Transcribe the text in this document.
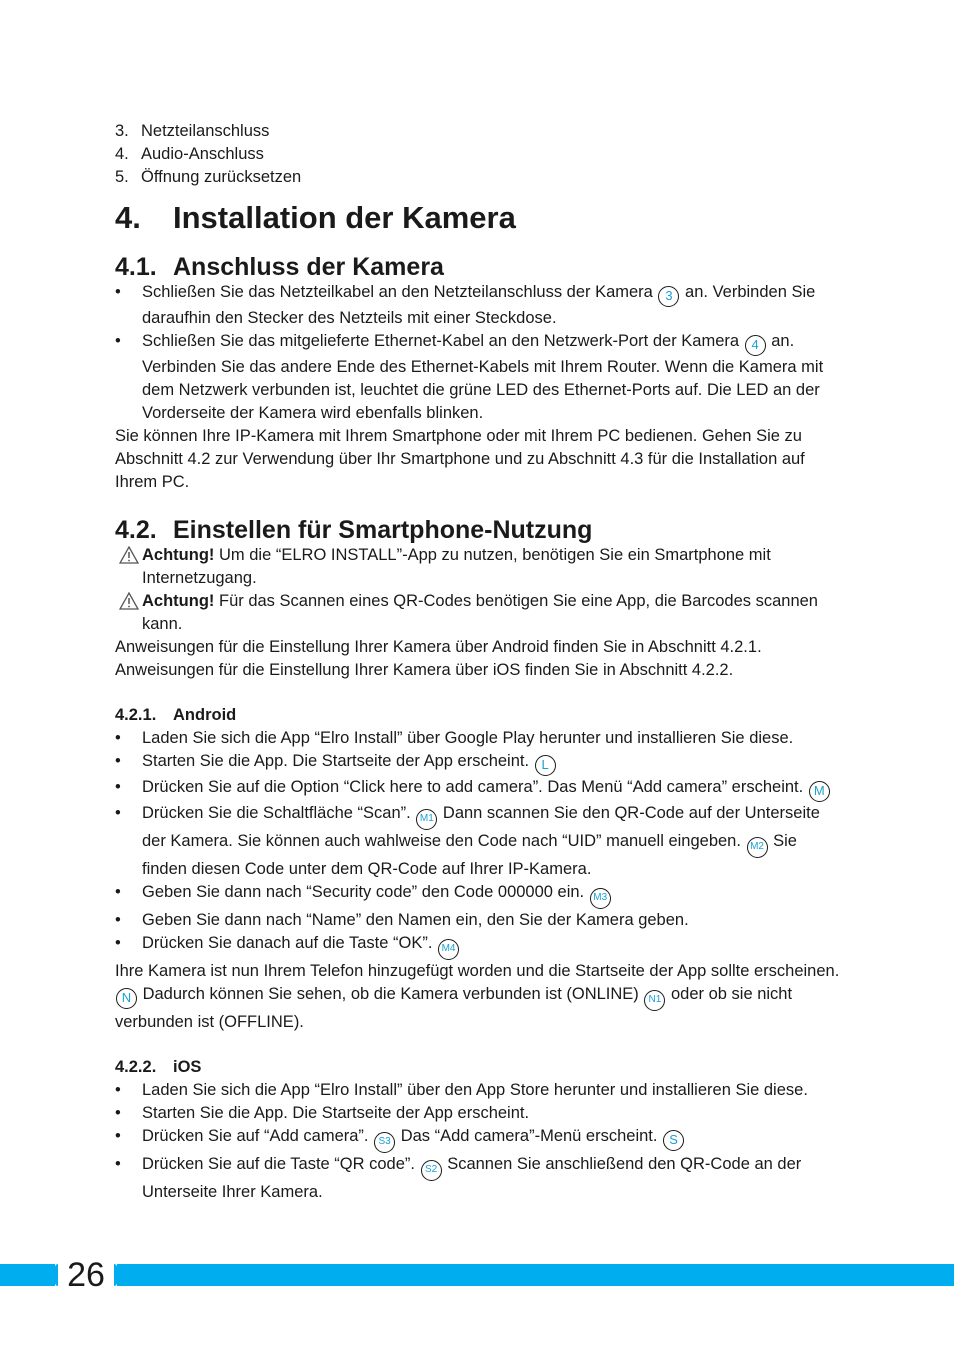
3. Netzteilanschluss
4. Audio-Anschluss
5. Öffnung zurücksetzen
4. Installation der Kamera
4.1. Anschluss der Kamera
• Schließen Sie das Netzteilkabel an den Netzteilanschluss der Kamera 3 an. Verbinden Sie daraufhin den Stecker des Netzteils mit einer Steckdose.
• Schließen Sie das mitgelieferte Ethernet-Kabel an den Netzwerk-Port der Kamera 4 an. Verbinden Sie das andere Ende des Ethernet-Kabels mit Ihrem Router. Wenn die Kamera mit dem Netzwerk verbunden ist, leuchtet die grüne LED des Ethernet-Ports auf. Die LED an der Vorderseite der Kamera wird ebenfalls blinken.
Sie können Ihre IP-Kamera mit Ihrem Smartphone oder mit Ihrem PC bedienen. Gehen Sie zu Abschnitt 4.2 zur Verwendung über Ihr Smartphone und zu Abschnitt 4.3 für die Installation auf Ihrem PC.
4.2. Einstellen für Smartphone-Nutzung
Achtung! Um die “ELRO INSTALL”-App zu nutzen, benötigen Sie ein Smartphone mit Internetzugang.
Achtung! Für das Scannen eines QR-Codes benötigen Sie eine App, die Barcodes scannen kann.
Anweisungen für die Einstellung Ihrer Kamera über Android finden Sie in Abschnitt 4.2.1.
Anweisungen für die Einstellung Ihrer Kamera über iOS finden Sie in Abschnitt 4.2.2.
4.2.1. Android
• Laden Sie sich die App “Elro Install” über Google Play herunter und installieren Sie diese.
• Starten Sie die App. Die Startseite der App erscheint. L
• Drücken Sie auf die Option “Click here to add camera”. Das Menü “Add camera” erscheint. M
• Drücken Sie die Schaltfläche “Scan”. M1 Dann scannen Sie den QR-Code auf der Unterseite der Kamera. Sie können auch wahlweise den Code nach “UID” manuell eingeben. M2 Sie finden diesen Code unter dem QR-Code auf Ihrer IP-Kamera.
• Geben Sie dann nach “Security code” den Code 000000 ein. M3
• Geben Sie dann nach “Name” den Namen ein, den Sie der Kamera geben.
• Drücken Sie danach auf die Taste “OK”. M4
Ihre Kamera ist nun Ihrem Telefon hinzugefügt worden und die Startseite der App sollte erscheinen. N Dadurch können Sie sehen, ob die Kamera verbunden ist (ONLINE) N1 oder ob sie nicht verbunden ist (OFFLINE).
4.2.2. iOS
• Laden Sie sich die App “Elro Install” über den App Store herunter und installieren Sie diese.
• Starten Sie die App. Die Startseite der App erscheint.
• Drücken Sie auf “Add camera”. S3 Das “Add camera”-Menü erscheint. S
• Drücken Sie auf die Taste “QR code”. S2 Scannen Sie anschließend den QR-Code an der Unterseite Ihrer Kamera.
26
